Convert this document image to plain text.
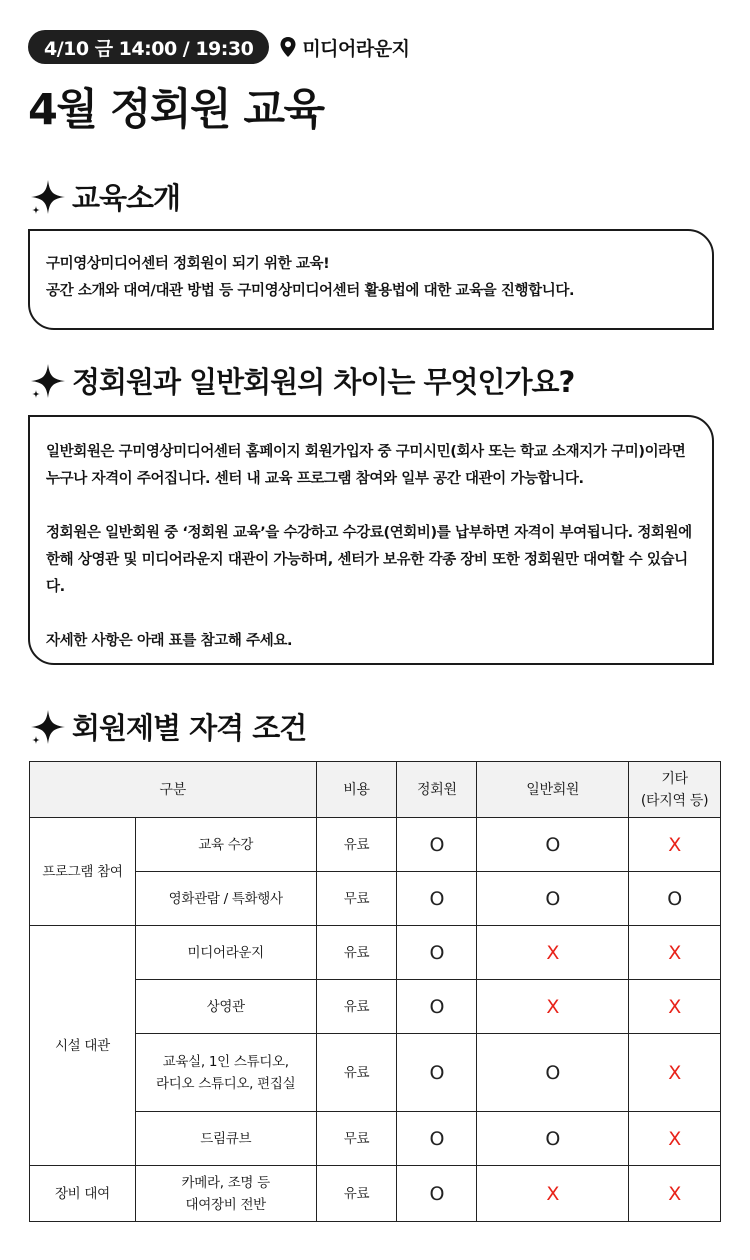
4/10 금 14:00 / 19:30	미디어라운지
4월 정회원 교육
교육소개

구미영상미디어센터 정회원이 되기 위한 교육!

공간 소개와 대여/대관 방법 등 구미영상미디어센터 활용법에 대한 교육을 진행합니다.

정회원과 일반회원의 차이는 무엇인가요?

일반회원은 구미영상미디어센터 홈페이지 회원가입자 중 구미시민(회사 또는 학교 소재지가 구미)이라면 누구나 자격이 주어집니다. 센터 내 교육 프로그램 참여와 일부 공간 대관이 가능합니다.

정회원은 일반회원 중 ‘정회원 교육’을 수강하고 수강료(연회비)를 납부하면 자격이 부여됩니다. 정회원에 한해 상영관 및 미디어라운지 대관이 가능하며, 센터가 보유한 각종 장비 또한 정회원만 대여할 수 있습니다.

자세한 사항은 아래 표를 참고해 주세요.

회원제별 자격 조건
구분		비용	정회원	일반회원	기타
(타지역 등)

프로그램 참여	교육 수강	유료	O	O	X
	영화관람 / 특화행사	무료	O	O	O
시설 대관	미디어라운지	유료	O	X	X
	상영관	유료	O	X	X

	교육실, 1인 스튜디오,
라디오 스튜디오, 편집실	유료	O	O	X
	드림큐브	무료	O	O	X
장비 대여	카메라, 조명 등
대여장비 전반	유료	O	X	X
